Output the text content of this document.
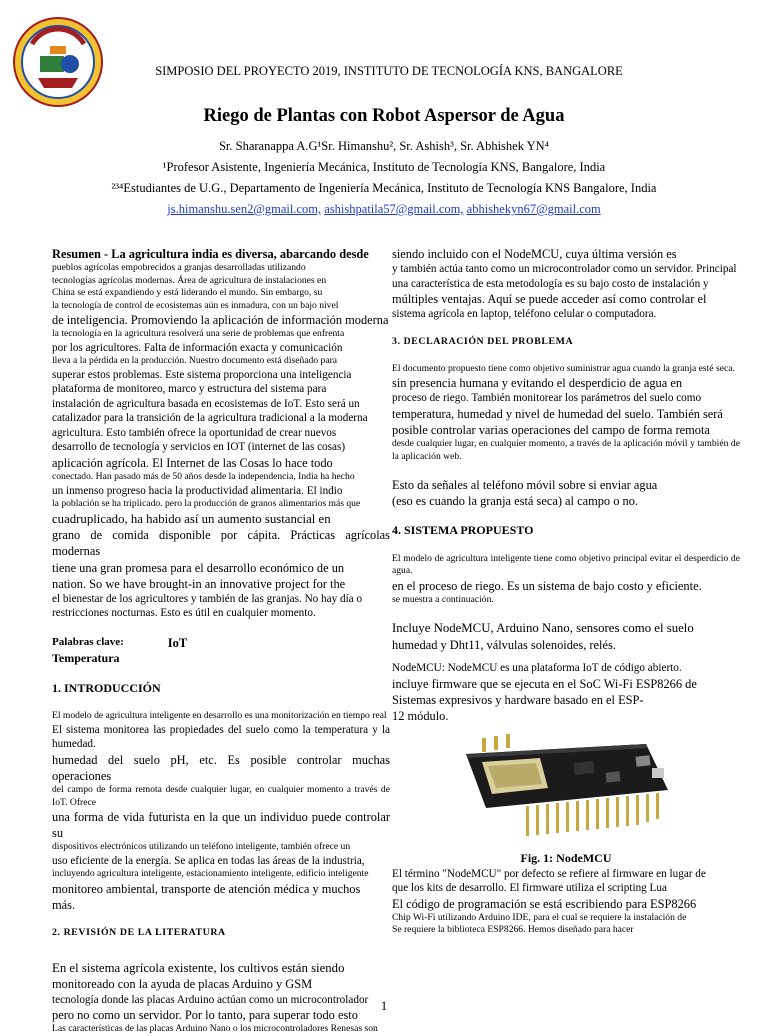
SIMPOSIO DEL PROYECTO 2019, INSTITUTO DE TECNOLOGÍA KNS, BANGALORE
Riego de Plantas con Robot Aspersor de Agua
Sr. Sharanappa A.G¹Sr. Himanshu², Sr. Ashish³, Sr. Abhishek YN⁴
¹Profesor Asistente, Ingeniería Mecánica, Instituto de Tecnología KNS, Bangalore, India
²³⁴Estudiantes de U.G., Departamento de Ingeniería Mecánica, Instituto de Tecnología KNS Bangalore, India
js.himanshu.sen2@gmail.com, ashishpatila57@gmail.com, abhishekyn67@gmail.com

Resumen - La agricultura india es diversa, abarcando desde

pueblos agrícolas empobrecidos a granjas desarrolladas utilizando

tecnologías agrícolas modernas. Área de agricultura de instalaciones en

China se está expandiendo y está liderando el mundo. Sin embargo, su

la tecnología de control de ecosistemas aún es inmadura, con un bajo nivel

de inteligencia. Promoviendo la aplicación de información moderna

la tecnología en la agricultura resolverá una serie de problemas que enfrenta

por los agricultores. Falta de información exacta y comunicación

lleva a la pérdida en la producción. Nuestro documento está diseñado para

superar estos problemas. Este sistema proporciona una inteligencia

plataforma de monitoreo, marco y estructura del sistema para

instalación de agricultura basada en ecosistemas de IoT. Esto será un

catalizador para la transición de la agricultura tradicional a la moderna

agricultura. Esto también ofrece la oportunidad de crear nuevos

desarrollo de tecnología y servicios en IOT (internet de las cosas)

aplicación agrícola. El Internet de las Cosas lo hace todo

conectado. Han pasado más de 50 años desde la independencia, India ha hecho

un inmenso progreso hacia la productividad alimentaria. El indio

la población se ha triplicado. pero la producción de granos alimentarios más que

cuadruplicado, ha habido así un aumento sustancial en

grano de comida disponible por cápita. Prácticas agrícolas modernas

tiene una gran promesa para el desarrollo económico de un

nation. So we have brought-in an innovative project for the

el bienestar de los agricultores y también de las granjas. No hay día o

restricciones nocturnas. Esto es útil en cualquier momento.

Palabras clave:	IoT

Temperatura

1. INTRODUCCIÓN

El modelo de agricultura inteligente en desarrollo es una monitorización en tiempo real

El sistema monitorea las propiedades del suelo como la temperatura y la humedad.

humedad del suelo pH, etc. Es posible controlar muchas operaciones

del campo de forma remota desde cualquier lugar, en cualquier momento a través de IoT. Ofrece

una forma de vida futurista en la que un individuo puede controlar su

dispositivos electrónicos utilizando un teléfono inteligente, también ofrece un

uso eficiente de la energía. Se aplica en todas las áreas de la industria,

incluyendo agricultura inteligente, estacionamiento inteligente, edificio inteligente

monitoreo ambiental, transporte de atención médica y muchos

más.

2. REVISIÓN DE LA LITERATURA

En el sistema agrícola existente, los cultivos están siendo

monitoreado con la ayuda de placas Arduino y GSM

tecnología donde las placas Arduino actúan como un microcontrolador

pero no como un servidor. Por lo tanto, para superar todo esto

Las características de las placas Arduino Nano o los microcontroladores Renesas son

siendo incluido con el NodeMCU, cuya última versión es

y también actúa tanto como un microcontrolador como un servidor. Principal

una característica de esta metodología es su bajo costo de instalación y

múltiples ventajas. Aquí se puede acceder así como controlar el

sistema agrícola en laptop, teléfono celular o computadora.

3. DECLARACIÓN DEL PROBLEMA

El documento propuesto tiene como objetivo suministrar agua cuando la granja esté seca.

sin presencia humana y evitando el desperdicio de agua en

proceso de riego. También monitorear los parámetros del suelo como

temperatura, humedad y nivel de humedad del suelo. También será

posible controlar varias operaciones del campo de forma remota

desde cualquier lugar, en cualquier momento, a través de la aplicación móvil y también de la aplicación web.

Esto da señales al teléfono móvil sobre si enviar agua

(eso es cuando la granja está seca) al campo o no.

4. SISTEMA PROPUESTO

El modelo de agricultura inteligente tiene como objetivo principal evitar el desperdicio de agua.

en el proceso de riego. Es un sistema de bajo costo y eficiente.

se muestra a continuación.

Incluye NodeMCU, Arduino Nano, sensores como el suelo

humedad y Dht11, válvulas solenoides, relés.

NodeMCU: NodeMCU es una plataforma IoT de código abierto.

incluye firmware que se ejecuta en el SoC Wi-Fi ESP8266 de

Sistemas expresivos y hardware basado en el ESP-

12 módulo.

Fig. 1: NodeMCU

El término "NodeMCU" por defecto se refiere al firmware en lugar de

que los kits de desarrollo. El firmware utiliza el scripting Lua

El código de programación se está escribiendo para ESP8266

Chip Wi-Fi utilizando Arduino IDE, para el cual se requiere la instalación de

Se requiere la biblioteca ESP8266. Hemos diseñado para hacer

1
